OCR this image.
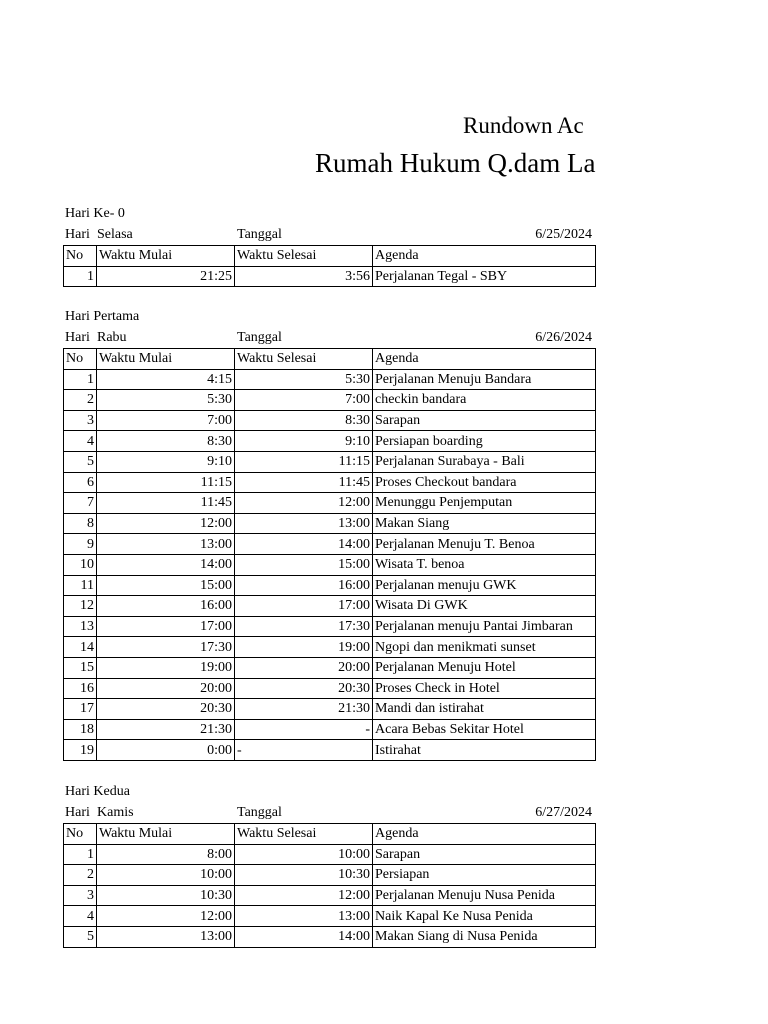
Rundown Ac
Rumah Hukum Q.dam La
Hari Ke- 0
Hari Selasa	Tanggal	6/25/2024
No	Waktu Mulai	Waktu Selesai	Agenda
1	21:25	3:56	Perjalanan Tegal - SBY
Hari Pertama
Hari Rabu	Tanggal	6/26/2024
No	Waktu Mulai	Waktu Selesai	Agenda
1	4:15	5:30	Perjalanan Menuju Bandara
2	5:30	7:00	checkin bandara
3	7:00	8:30	Sarapan
4	8:30	9:10	Persiapan boarding
5	9:10	11:15	Perjalanan Surabaya - Bali
6	11:15	11:45	Proses Checkout bandara
7	11:45	12:00	Menunggu Penjemputan
8	12:00	13:00	Makan Siang
9	13:00	14:00	Perjalanan Menuju T. Benoa
10	14:00	15:00	Wisata T. benoa
11	15:00	16:00	Perjalanan menuju GWK
12	16:00	17:00	Wisata Di GWK
13	17:00	17:30	Perjalanan menuju Pantai Jimbaran
14	17:30	19:00	Ngopi dan menikmati sunset
15	19:00	20:00	Perjalanan Menuju Hotel
16	20:00	20:30	Proses Check in Hotel
17	20:30	21:30	Mandi dan istirahat
18	21:30	-	Acara Bebas Sekitar Hotel
19	0:00	-	Istirahat
Hari Kedua
Hari Kamis	Tanggal	6/27/2024
No	Waktu Mulai	Waktu Selesai	Agenda
1	8:00	10:00	Sarapan
2	10:00	10:30	Persiapan
3	10:30	12:00	Perjalanan Menuju Nusa Penida
4	12:00	13:00	Naik Kapal Ke Nusa Penida
5	13:00	14:00	Makan Siang di Nusa Penida
